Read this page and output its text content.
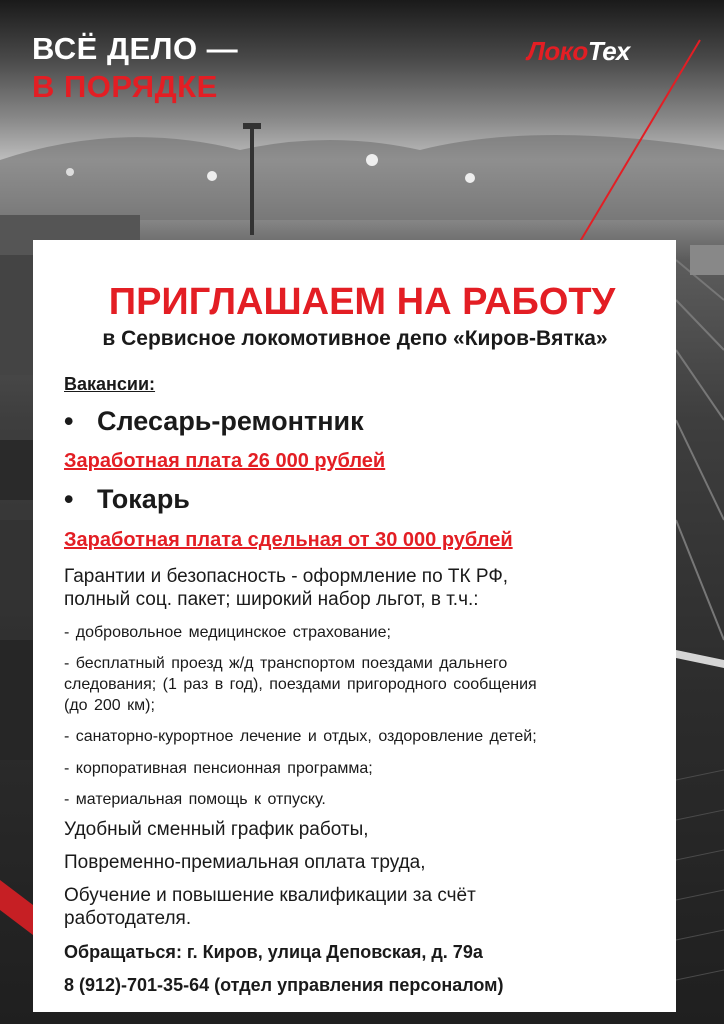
ВСЁ ДЕЛО —
В ПОРЯДКЕ
ЛокоТех
ПРИГЛАШАЕМ НА РАБОТУ
в Сервисное локомотивное депо «Киров-Вятка»
Вакансии:
• Слесарь-ремонтник
Заработная плата 26 000 рублей
• Токарь
Заработная плата сдельная от 30 000 рублей
Гарантии и безопасность - оформление по ТК РФ,
полный соц. пакет; широкий набор льгот, в т.ч.:
- добровольное медицинское страхование;
- бесплатный проезд ж/д транспортом поездами дальнего
следования; (1 раз в год), поездами пригородного сообщения
(до 200 км);
- санаторно-курортное лечение и отдых, оздоровление детей;
- корпоративная пенсионная программа;
- материальная помощь к отпуску.
Удобный сменный график работы,
Повременно-премиальная оплата труда,
Обучение и повышение квалификации за счёт
работодателя.
Обращаться: г. Киров, улица Деповская, д. 79а
8 (912)-701-35-64 (отдел управления персоналом)
